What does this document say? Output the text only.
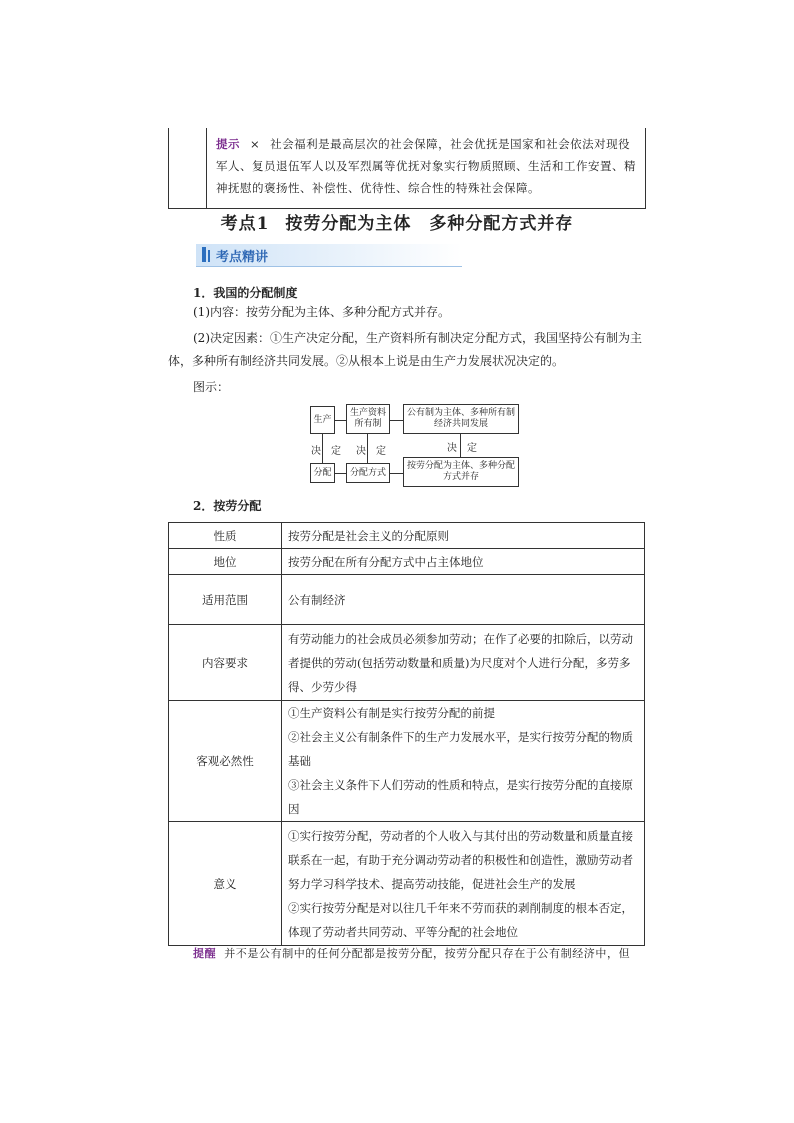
提示 × 社会福利是最高层次的社会保障，社会优抚是国家和社会依法对现役军人、复员退伍军人以及军烈属等优抚对象实行物质照顾、生活和工作安置、精神抚慰的褒扬性、补偿性、优待性、综合性的特殊社会保障。
考点1 按劳分配为主体　多种分配方式并存
考点精讲
1．我国的分配制度
(1)内容：按劳分配为主体、多种分配方式并存。
(2)决定因素：①生产决定分配，生产资料所有制决定分配方式，我国坚持公有制为主
体，多种所有制经济共同发展。②从根本上说是由生产力发展状况决定的。
图示：
生产
生产资料所有制
公有制为主体、多种所有制经济共同发展
分配	分配方式
按劳分配为主体、多种分配方式并存
决　定 决　定	决　定
2．按劳分配
性质	按劳分配是社会主义的分配原则
地位	按劳分配在所有分配方式中占主体地位
适用范围	公有制经济
内容要求	有劳动能力的社会成员必须参加劳动；在作了必要的扣除后，以劳动者提供的劳动(包括劳动数量和质量)为尺度对个人进行分配，多劳多得、少劳少得
客观必然性	①生产资料公有制是实行按劳分配的前提
②社会主义公有制条件下的生产力发展水平，是实行按劳分配的物质基础
③社会主义条件下人们劳动的性质和特点，是实行按劳分配的直接原因
意义	①实行按劳分配，劳动者的个人收入与其付出的劳动数量和质量直接联系在一起，有助于充分调动劳动者的积极性和创造性，激励劳动者努力学习科学技术、提高劳动技能，促进社会生产的发展
②实行按劳分配是对以往几千年来不劳而获的剥削制度的根本否定，体现了劳动者共同劳动、平等分配的社会地位
提醒 并不是公有制中的任何分配都是按劳分配，按劳分配只存在于公有制经济中，但
